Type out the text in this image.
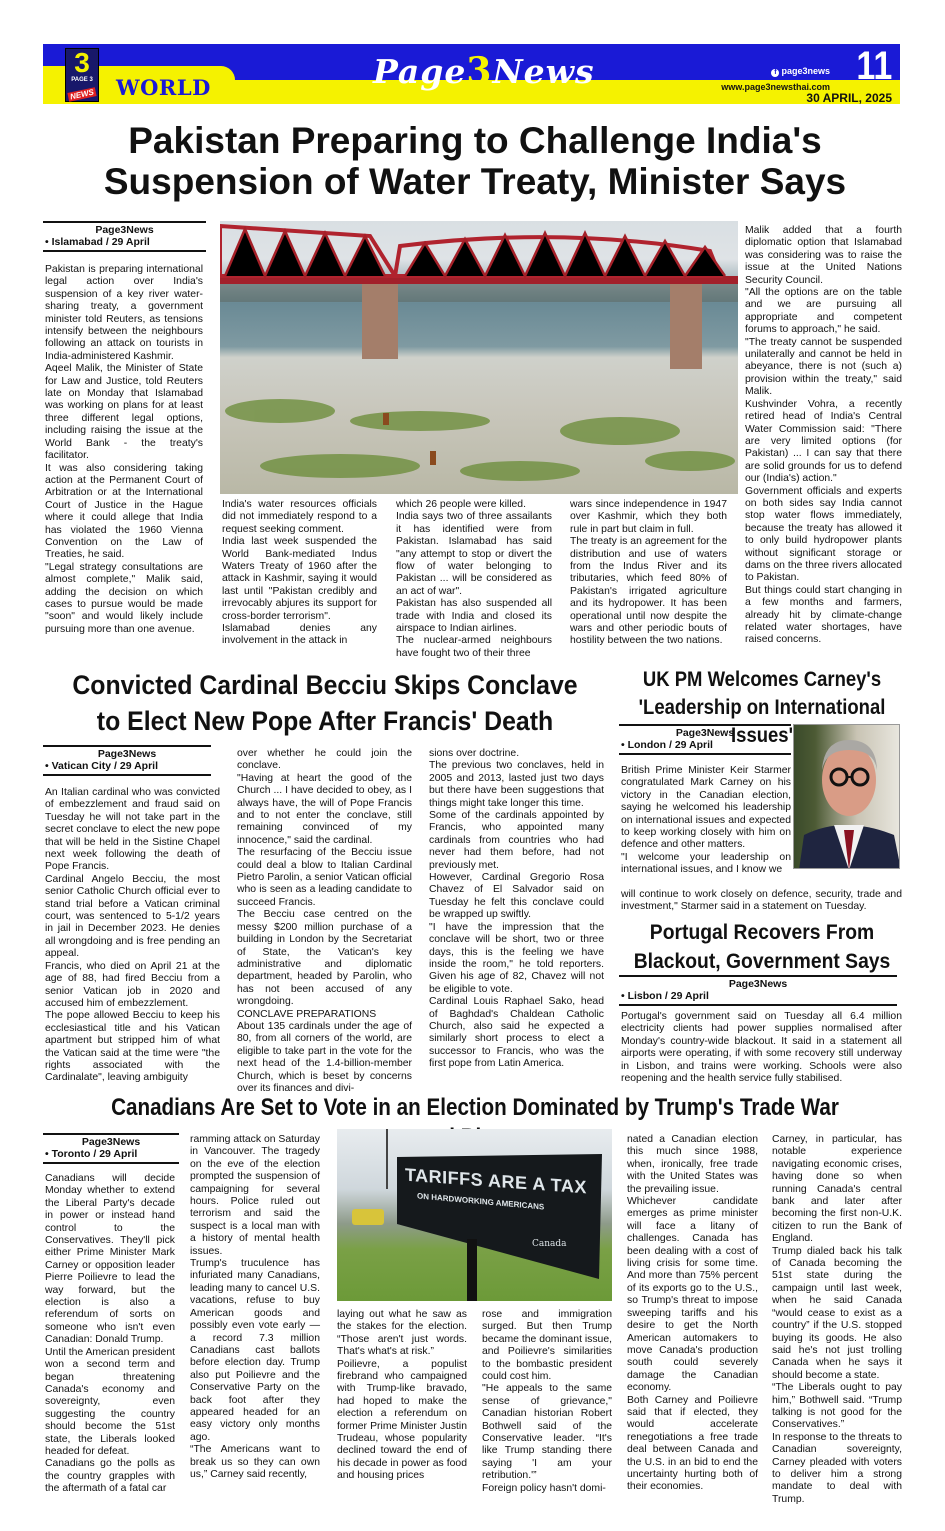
3
PAGE 3
NEWS WORLD	Page3News	f page3news
www.page3newsthai.com 11
30 APRIL, 2025
Pakistan Preparing to Challenge India's
Suspension of Water Treaty, Minister Says
Page3News
• Islamabad / 29 April

Pakistan is preparing international legal action over India's suspension of a key river water-sharing treaty, a government minister told Reuters, as tensions intensify between the neighbours following an attack on tourists in India-administered Kashmir.

Aqeel Malik, the Minister of State for Law and Justice, told Reuters late on Monday that Islamabad was working on plans for at least three different legal options, including raising the issue at the World Bank - the treaty's facilitator.

It was also considering taking action at the Permanent Court of Arbitration or at the International Court of Justice in the Hague where it could allege that India has violated the 1960 Vienna Convention on the Law of Treaties, he said.

"Legal strategy consultations are almost complete," Malik said, adding the decision on which cases to pursue would be made "soon" and would likely include pursuing more than one avenue.

India's water resources officials did not immediately respond to a request seeking comment.

India last week suspended the World Bank-mediated Indus Waters Treaty of 1960 after the attack in Kashmir, saying it would last until "Pakistan credibly and irrevocably abjures its support for cross-border terrorism".

Islamabad denies any involvement in the attack in

which 26 people were killed.

India says two of three assailants it has identified were from Pakistan. Islamabad has said "any attempt to stop or divert the flow of water belonging to Pakistan ... will be considered as an act of war".

Pakistan has also suspended all trade with India and closed its airspace to Indian airlines.

The nuclear-armed neighbours have fought two of their three

wars since independence in 1947 over Kashmir, which they both rule in part but claim in full.

The treaty is an agreement for the distribution and use of waters from the Indus River and its tributaries, which feed 80% of Pakistan's irrigated agriculture and its hydropower. It has been operational until now despite the wars and other periodic bouts of hostility between the two nations.

Malik added that a fourth diplomatic option that Islamabad was considering was to raise the issue at the United Nations Security Council.

"All the options are on the table and we are pursuing all appropriate and competent forums to approach," he said.

"The treaty cannot be suspended unilaterally and cannot be held in abeyance, there is not (such a) provision within the treaty," said Malik.

Kushvinder Vohra, a recently retired head of India's Central Water Commission said: "There are very limited options (for Pakistan) ... I can say that there are solid grounds for us to defend our (India's) action."

Government officials and experts on both sides say India cannot stop water flows immediately, because the treaty has allowed it to only build hydropower plants without significant storage or dams on the three rivers allocated to Pakistan.

But things could start changing in a few months and farmers, already hit by climate-change related water shortages, have raised concerns.

Convicted Cardinal Becciu Skips Conclave
to Elect New Pope After Francis' Death
Page3News
• Vatican City / 29 April

An Italian cardinal who was convicted of embezzlement and fraud said on Tuesday he will not take part in the secret conclave to elect the new pope that will be held in the Sistine Chapel next week following the death of Pope Francis.

Cardinal Angelo Becciu, the most senior Catholic Church official ever to stand trial before a Vatican criminal court, was sentenced to 5-1/2 years in jail in December 2023. He denies all wrongdoing and is free pending an appeal.

Francis, who died on April 21 at the age of 88, had fired Becciu from a senior Vatican job in 2020 and accused him of embezzlement.

The pope allowed Becciu to keep his ecclesiastical title and his Vatican apartment but stripped him of what the Vatican said at the time were "the rights associated with the Cardinalate", leaving ambiguity

over whether he could join the conclave.

"Having at heart the good of the Church ... I have decided to obey, as I always have, the will of Pope Francis and to not enter the conclave, still remaining convinced of my innocence," said the cardinal.

The resurfacing of the Becciu issue could deal a blow to Italian Cardinal Pietro Parolin, a senior Vatican official who is seen as a leading candidate to succeed Francis.

The Becciu case centred on the messy $200 million purchase of a building in London by the Secretariat of State, the Vatican's key administrative and diplomatic department, headed by Parolin, who has not been accused of any wrongdoing.

CONCLAVE PREPARATIONS

About 135 cardinals under the age of 80, from all corners of the world, are eligible to take part in the vote for the next head of the 1.4-billion-member Church, which is beset by concerns over its finances and divi-

sions over doctrine.

The previous two conclaves, held in 2005 and 2013, lasted just two days but there have been suggestions that things might take longer this time.

Some of the cardinals appointed by Francis, who appointed many cardinals from countries who had never had them before, had not previously met.

However, Cardinal Gregorio Rosa Chavez of El Salvador said on Tuesday he felt this conclave could be wrapped up swiftly.

"I have the impression that the conclave will be short, two or three days, this is the feeling we have inside the room," he told reporters. Given his age of 82, Chavez will not be eligible to vote.

Cardinal Louis Raphael Sako, head of Baghdad's Chaldean Catholic Church, also said he expected a similarly short process to elect a successor to Francis, who was the first pope from Latin America.

UK PM Welcomes Carney's
'Leadership on International Issues'
Page3News
• London / 29 April

British Prime Minister Keir Starmer congratulated Mark Carney on his victory in the Canadian election, saying he welcomed his leadership on international issues and expected to keep working closely with him on defence and other matters.

"I welcome your leadership on international issues, and I know we

will continue to work closely on defence, security, trade and investment," Starmer said in a statement on Tuesday.

Portugal Recovers From
Blackout, Government Says
Page3News
• Lisbon / 29 April

Portugal's government said on Tuesday all 6.4 million electricity clients had power supplies normalised after Monday's country-wide blackout. It said in a statement all airports were operating, if with some recovery still underway in Lisbon, and trains were working. Schools were also reopening and the health service fully stabilised.

Canadians Are Set to Vote in an Election Dominated by Trump's Trade War
Page3News
• Toronto / 29 April

Canadians will decide Monday whether to extend the Liberal Party's decade in power or instead hand control to the Conservatives. They'll pick either Prime Minister Mark Carney or opposition leader Pierre Poilievre to lead the way forward, but the election is also a referendum of sorts on someone who isn't even Canadian: Donald Trump.

Until the American president won a second term and began threatening Canada's economy and sovereignty, even suggesting the country should become the 51st state, the Liberals looked headed for defeat.

Canadians go the polls as the country grapples with the aftermath of a fatal car

ramming attack on Saturday in Vancouver. The tragedy on the eve of the election prompted the suspension of campaigning for several hours. Police ruled out terrorism and said the suspect is a local man with a history of mental health issues.

Trump's truculence has infuriated many Canadians, leading many to cancel U.S. vacations, refuse to buy American goods and possibly even vote early — a record 7.3 million Canadians cast ballots before election day. Trump also put Poilievre and the Conservative Party on the back foot after they appeared headed for an easy victory only months ago.

“The Americans want to break us so they can own us,” Carney said recently,

TARIFFS ARE A TAX
ON HARDWORKING AMERICANS
Canada

laying out what he saw as the stakes for the election. “Those aren't just words. That's what's at risk.”

Poilievre, a populist firebrand who campaigned with Trump-like bravado, had hoped to make the election a referendum on former Prime Minister Justin Trudeau, whose popularity declined toward the end of his decade in power as food and housing prices

rose and immigration surged. But then Trump became the dominant issue, and Poilievre's similarities to the bombastic president could cost him.

"He appeals to the same sense of grievance," Canadian historian Robert Bothwell said of the Conservative leader. “It's like Trump standing there saying 'I am your retribution.'”

Foreign policy hasn't domi-

nated a Canadian election this much since 1988, when, ironically, free trade with the United States was the prevailing issue.

Whichever candidate emerges as prime minister will face a litany of challenges. Canada has been dealing with a cost of living crisis for some time. And more than 75% percent of its exports go to the U.S., so Trump's threat to impose sweeping tariffs and his desire to get the North American automakers to move Canada's production south could severely damage the Canadian economy.

Both Carney and Poilievre said that if elected, they would accelerate renegotiations a free trade deal between Canada and the U.S. in an bid to end the uncertainty hurting both of their economies.

Carney, in particular, has notable experience navigating economic crises, having done so when running Canada's central bank and later after becoming the first non-U.K. citizen to run the Bank of England.

Trump dialed back his talk of Canada becoming the 51st state during the campaign until last week, when he said Canada “would cease to exist as a country” if the U.S. stopped buying its goods. He also said he's not just trolling Canada when he says it should become a state.

“The Liberals ought to pay him,” Bothwell said. “Trump talking is not good for the Conservatives.”

In response to the threats to Canadian sovereignty, Carney pleaded with voters to deliver him a strong mandate to deal with Trump.
